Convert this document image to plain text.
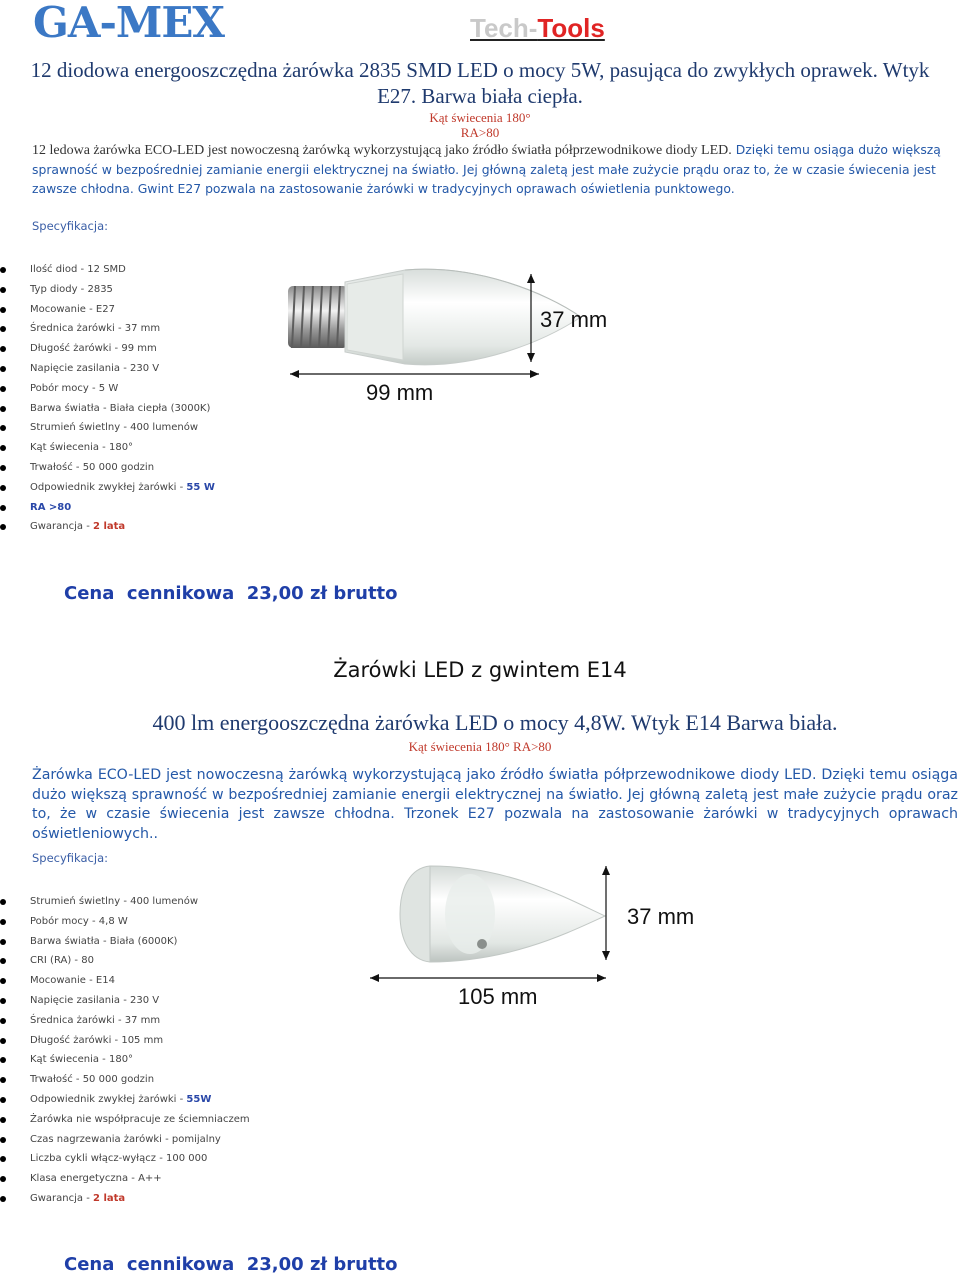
GA-MEX	Tech-Tools
12 diodowa energooszczędna żarówka 2835 SMD LED o mocy 5W, pasująca do zwykłych oprawek. Wtyk E27. Barwa biała ciepła.
Kąt świecenia 180°
RA>80
12 ledowa żarówka ECO-LED jest nowoczesną żarówką wykorzystującą jako źródło światła półprzewodnikowe diody LED. Dzięki temu osiąga dużo większą sprawność w bezpośredniej zamianie energii elektrycznej na światło. Jej główną zaletą jest małe zużycie prądu oraz to, że w czasie świecenia jest zawsze chłodna. Gwint E27 pozwala na zastosowanie żarówki w tradycyjnych oprawach oświetlenia punktowego.
Specyfikacja:
Ilość diod - 12 SMD
Typ diody - 2835
Mocowanie - E27
Średnica żarówki - 37 mm
Długość żarówki - 99 mm
Napięcie zasilania - 230 V
Pobór mocy - 5 W
Barwa światła - Biała ciepła (3000K)
Strumień świetlny - 400 lumenów
Kąt świecenia - 180°
Trwałość - 50 000 godzin
Odpowiednik zwykłej żarówki - 55 W
RA >80
Gwarancja - 2 lata
37 mm
99 mm
Cena  cennikowa  23,00 zł brutto
Żarówki LED z gwintem E14
400 lm energooszczędna żarówka LED o mocy 4,8W. Wtyk E14 Barwa biała.
Kąt świecenia 180° RA>80
Żarówka ECO-LED jest nowoczesną żarówką wykorzystującą jako źródło światła półprzewodnikowe diody LED. Dzięki temu osiąga dużo większą sprawność w bezpośredniej zamianie energii elektrycznej na światło. Jej główną zaletą jest małe zużycie prądu oraz to, że w czasie świecenia jest zawsze chłodna. Trzonek E27 pozwala na zastosowanie żarówki w tradycyjnych oprawach oświetleniowych..
Specyfikacja:
Strumień świetlny - 400 lumenów
Pobór mocy - 4,8 W
Barwa światła - Biała (6000K)
CRI (RA) - 80
Mocowanie - E14
Napięcie zasilania - 230 V
Średnica żarówki - 37 mm
Długość żarówki - 105 mm
Kąt świecenia - 180°
Trwałość - 50 000 godzin
Odpowiednik zwykłej żarówki - 55W
Żarówka nie współpracuje ze ściemniaczem
Czas nagrzewania żarówki - pomijalny
Liczba cykli włącz-wyłącz - 100 000
Klasa energetyczna - A++
Gwarancja - 2 lata
37 mm
105 mm
Cena  cennikowa  23,00 zł brutto
